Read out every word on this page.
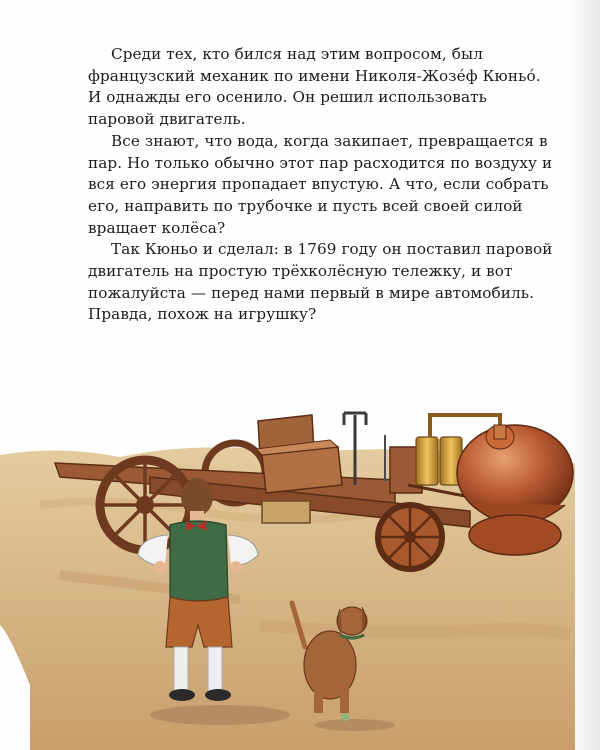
Среди тех, кто бился над этим вопросом, был французский механик по имени Николя-Жозе́ф Кюньо́. И однажды его осенило. Он решил использовать паровой двигатель.

Все знают, что вода, когда закипает, превращается в пар. Но только обычно этот пар расходится по воздуху и вся его энергия пропадает впустую. А что, если собрать его, направить по трубочке и пусть всей своей силой вращает колёса?

Так Кюньо и сделал: в 1769 году он поставил паровой двигатель на простую трёхколёсную тележку, и вот пожалуйста — перед нами первый в мире автомобиль. Правда, похож на игрушку?
